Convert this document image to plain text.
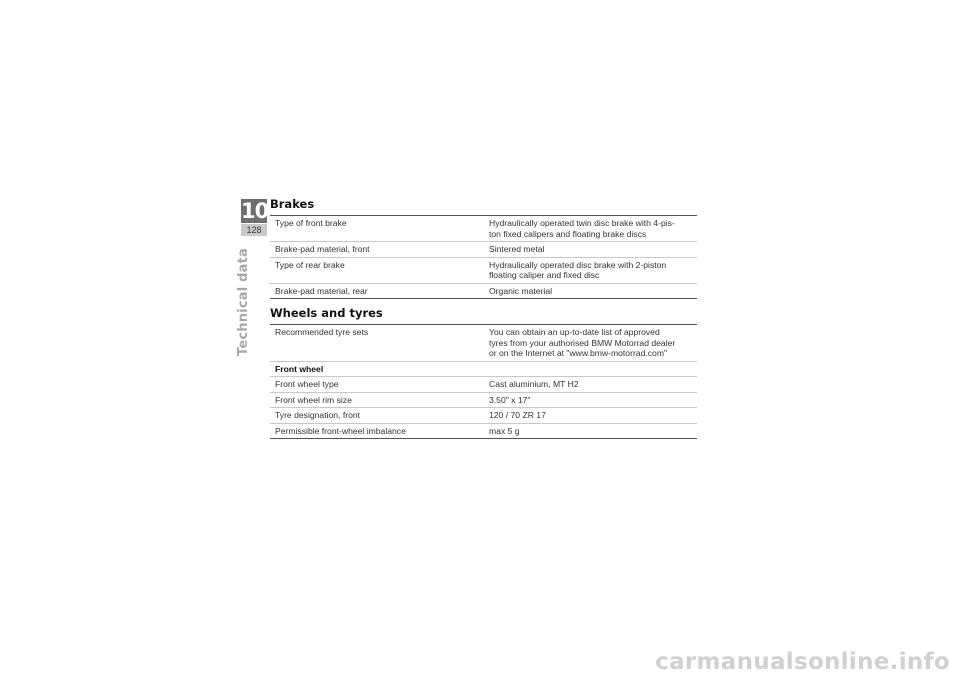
10
128
Technical data
Brakes
Type of front brake	Hydraulically operated twin disc brake with 4-pis-
ton fixed calipers and floating brake discs
Brake-pad material, front	Sintered metal
Type of rear brake	Hydraulically operated disc brake with 2-piston
floating caliper and fixed disc
Brake-pad material, rear	Organic material
Wheels and tyres
Recommended tyre sets	You can obtain an up-to-date list of approved
tyres from your authorised BMW Motorrad dealer
or on the Internet at "www.bmw-motorrad.com"
Front wheel	
Front wheel type	Cast aluminium, MT H2
Front wheel rim size	3.50" x 17"
Tyre designation, front	120 / 70 ZR 17
Permissible front-wheel imbalance	max 5 g
carmanualsonline.info
